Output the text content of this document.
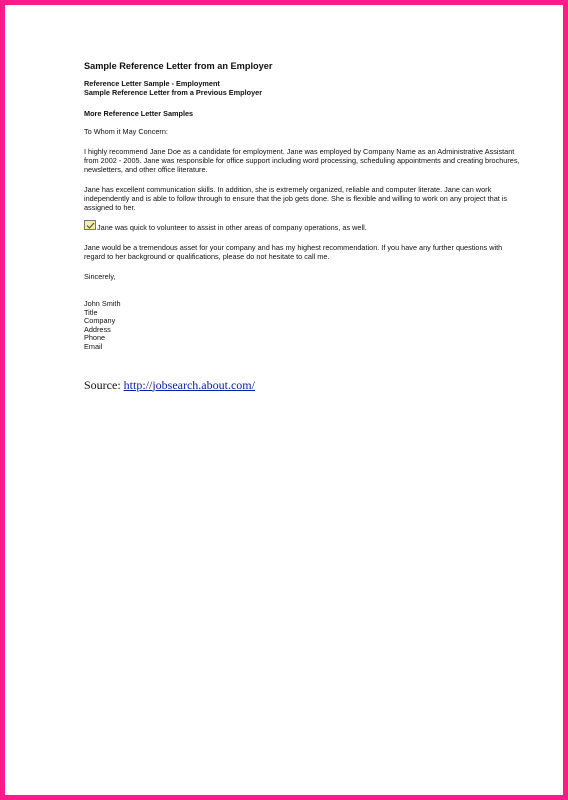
Sample Reference Letter from an Employer
Reference Letter Sample - Employment
Sample Reference Letter from a Previous Employer
More Reference Letter Samples
To Whom it May Concern:
I highly recommend Jane Doe as a candidate for employment. Jane was employed by Company Name as an Administrative Assistant from 2002 - 2005. Jane was responsible for office support including word processing, scheduling appointments and creating brochures, newsletters, and other office literature.
Jane has excellent communication skills. In addition, she is extremely organized, reliable and computer literate. Jane can work independently and is able to follow through to ensure that the job gets done. She is flexible and willing to work on any project that is assigned to her.
Jane was quick to volunteer to assist in other areas of company operations, as well.
Jane would be a tremendous asset for your company and has my highest recommendation. If you have any further questions with regard to her background or qualifications, please do not hesitate to call me.
Sincerely,
John Smith
Title
Company
Address
Phone
Email
Source: http://jobsearch.about.com/
